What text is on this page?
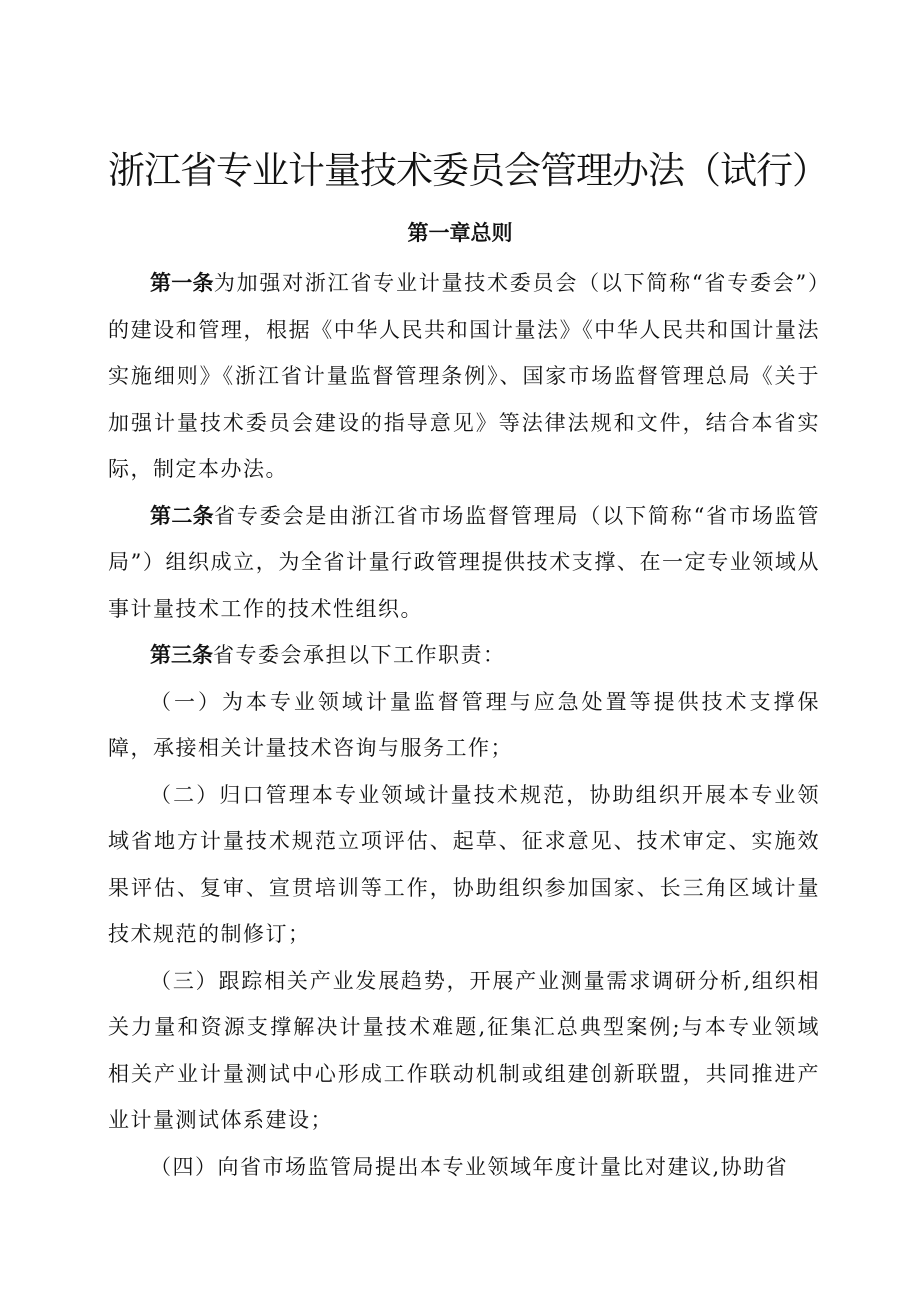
浙江省专业计量技术委员会管理办法（试行）
第一章总则

第一条为加强对浙江省专业计量技术委员会（以下简称“省专委会”）的建设和管理，根据《中华人民共和国计量法》《中华人民共和国计量法实施细则》《浙江省计量监督管理条例》、国家市场监督管理总局《关于加强计量技术委员会建设的指导意见》等法律法规和文件，结合本省实际，制定本办法。

第二条省专委会是由浙江省市场监督管理局（以下简称“省市场监管局”）组织成立，为全省计量行政管理提供技术支撑、在一定专业领域从事计量技术工作的技术性组织。

第三条省专委会承担以下工作职责：

（一）为本专业领域计量监督管理与应急处置等提供技术支撑保障，承接相关计量技术咨询与服务工作；

（二）归口管理本专业领域计量技术规范，协助组织开展本专业领域省地方计量技术规范立项评估、起草、征求意见、技术审定、实施效果评估、复审、宣贯培训等工作，协助组织参加国家、长三角区域计量技术规范的制修订；

（三）跟踪相关产业发展趋势，开展产业测量需求调研分析,组织相关力量和资源支撑解决计量技术难题,征集汇总典型案例;与本专业领域相关产业计量测试中心形成工作联动机制或组建创新联盟，共同推进产业计量测试体系建设；

（四）向省市场监管局提出本专业领域年度计量比对建议,协助省
